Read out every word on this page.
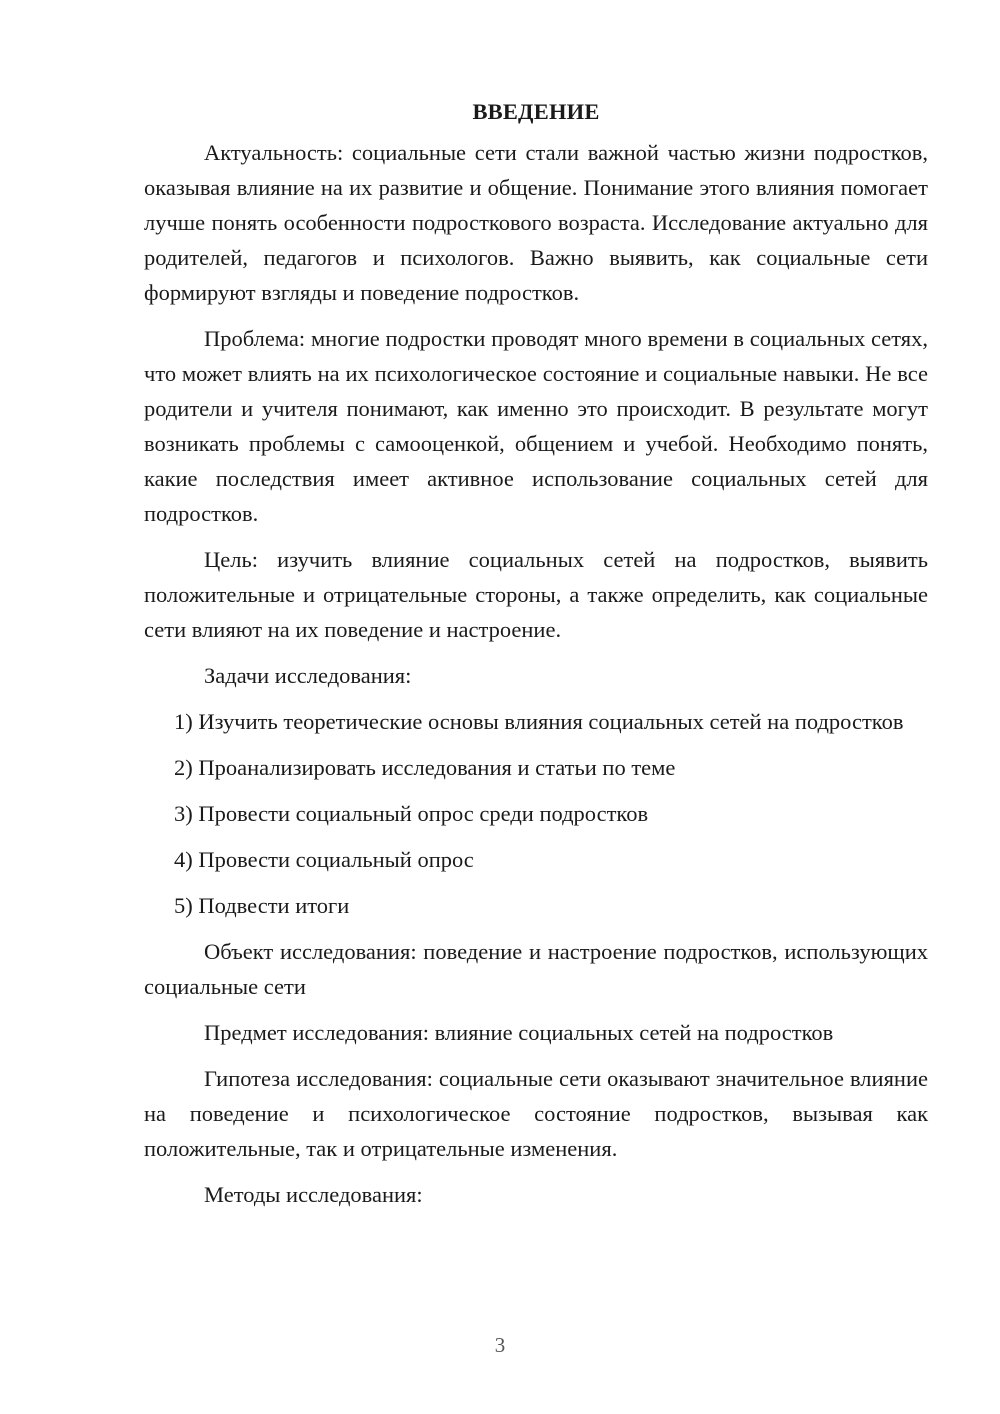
ВВЕДЕНИЕ

Актуальность: социальные сети стали важной частью жизни подростков, оказывая влияние на их развитие и общение. Понимание этого влияния помогает лучше понять особенности подросткового возраста. Исследование актуально для родителей, педагогов и психологов. Важно выявить, как социальные сети формируют взгляды и поведение подростков.

Проблема: многие подростки проводят много времени в социальных сетях, что может влиять на их психологическое состояние и социальные навыки. Не все родители и учителя понимают, как именно это происходит. В результате могут возникать проблемы с самооценкой, общением и учебой. Необходимо понять, какие последствия имеет активное использование социальных сетей для подростков.

Цель: изучить влияние социальных сетей на подростков, выявить положительные и отрицательные стороны, а также определить, как социальные сети влияют на их поведение и настроение.

Задачи исследования:

1) Изучить теоретические основы влияния социальных сетей на подростков

2) Проанализировать исследования и статьи по теме

3) Провести социальный опрос среди подростков

4) Провести социальный опрос

5) Подвести итоги

Объект исследования: поведение и настроение подростков, использующих социальные сети

Предмет исследования: влияние социальных сетей на подростков

Гипотеза исследования: социальные сети оказывают значительное влияние на поведение и психологическое состояние подростков, вызывая как положительные, так и отрицательные изменения.

Методы исследования:

3
